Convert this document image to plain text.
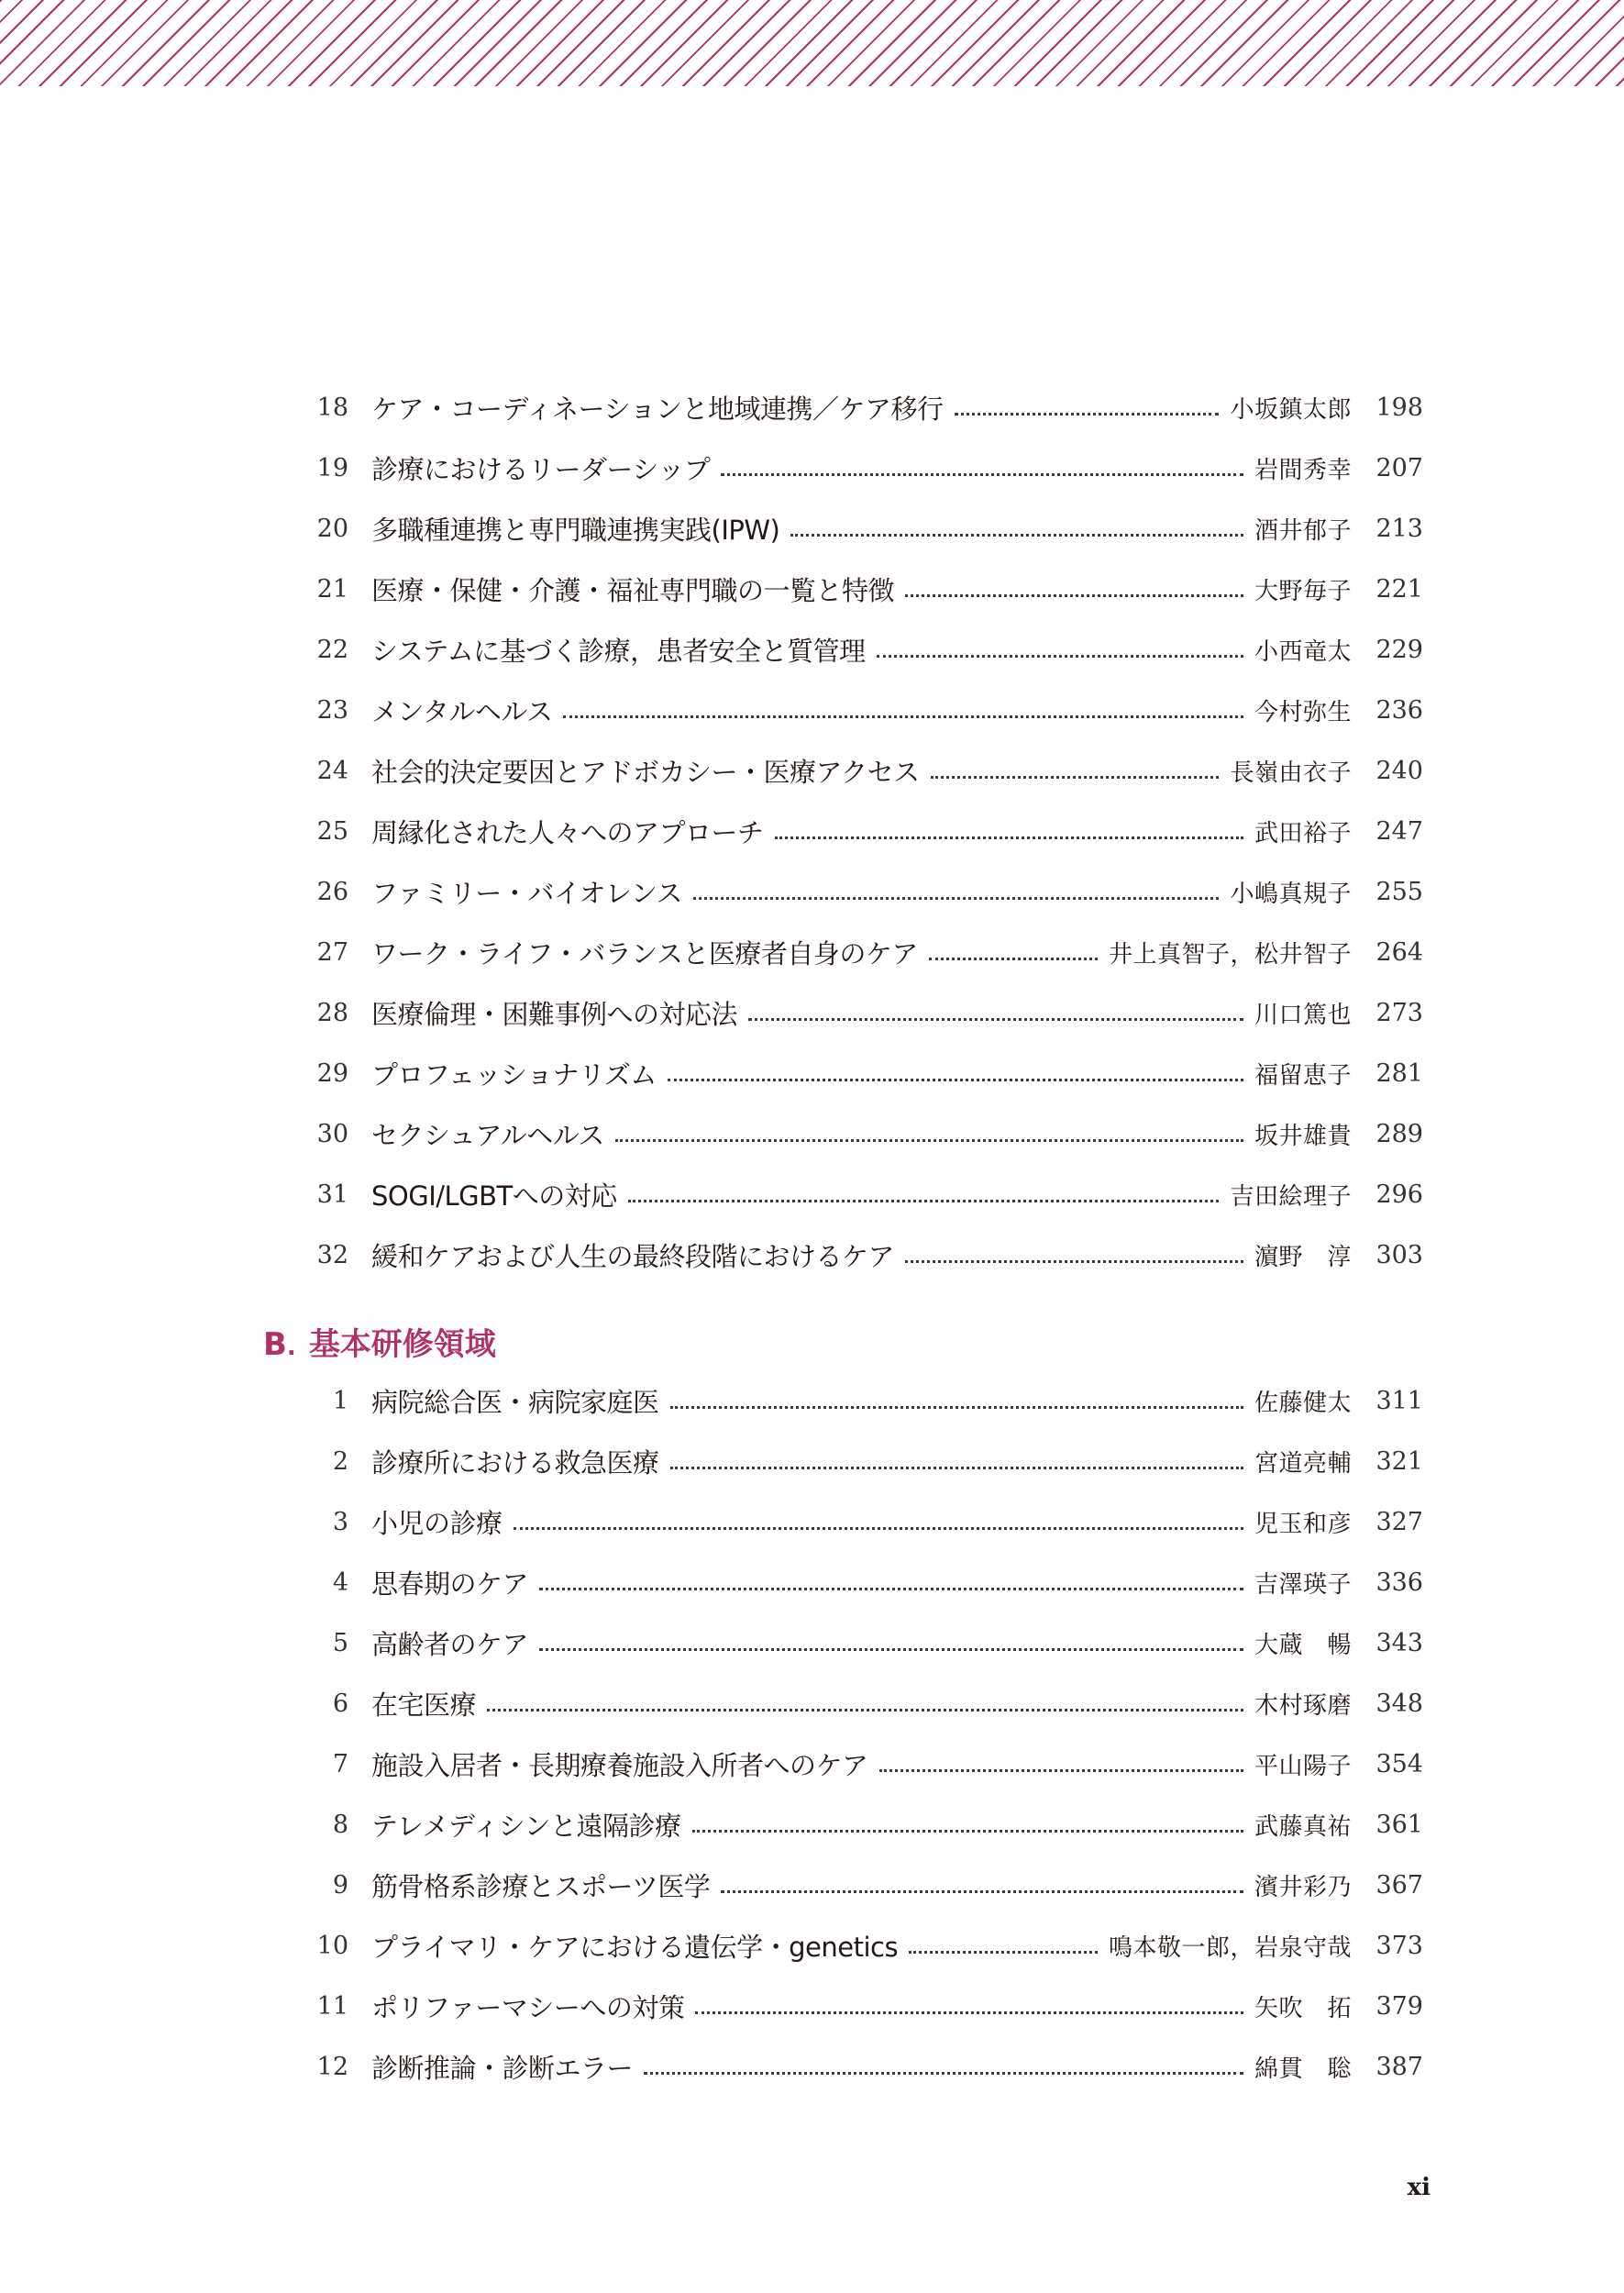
18 ケア・コーディネーションと地域連携／ケア移行	小坂鎮太郎 198
19 診療におけるリーダーシップ	岩間秀幸 207
20 多職種連携と専門職連携実践(IPW)	酒井郁子 213
21 医療・保健・介護・福祉専門職の一覧と特徴	大野毎子 221
22 システムに基づく診療，患者安全と質管理	小西竜太 229
23 メンタルヘルス	今村弥生 236
24 社会的決定要因とアドボカシー・医療アクセス	長嶺由衣子 240
25 周縁化された人々へのアプローチ	武田裕子 247
26 ファミリー・バイオレンス	小嶋真規子 255
27 ワーク・ライフ・バランスと医療者自身のケア	井上真智子，松井智子 264
28 医療倫理・困難事例への対応法	川口篤也 273
29 プロフェッショナリズム	福留恵子 281
30 セクシュアルヘルス	坂井雄貴 289
31 SOGI/LGBTへの対応	吉田絵理子 296
32 緩和ケアおよび人生の最終段階におけるケア	濵野　淳 303
B . 基本研修領域
1 病院総合医・病院家庭医	佐藤健太 311
2 診療所における救急医療	宮道亮輔 321
3 小児の診療	児玉和彦 327
4 思春期のケア	吉澤瑛子 336
5 高齢者のケア	大蔵　暢 343
6 在宅医療	木村琢磨 348
7 施設入居者・長期療養施設入所者へのケア	平山陽子 354
8 テレメディシンと遠隔診療	武藤真祐 361
9 筋骨格系診療とスポーツ医学	濱井彩乃 367
10 プライマリ・ケアにおける遺伝学・genetics	鳴本敬一郎，岩泉守哉 373
11 ポリファーマシーへの対策	矢吹　拓 379
12 診断推論・診断エラー	綿貫　聡 387
xi
